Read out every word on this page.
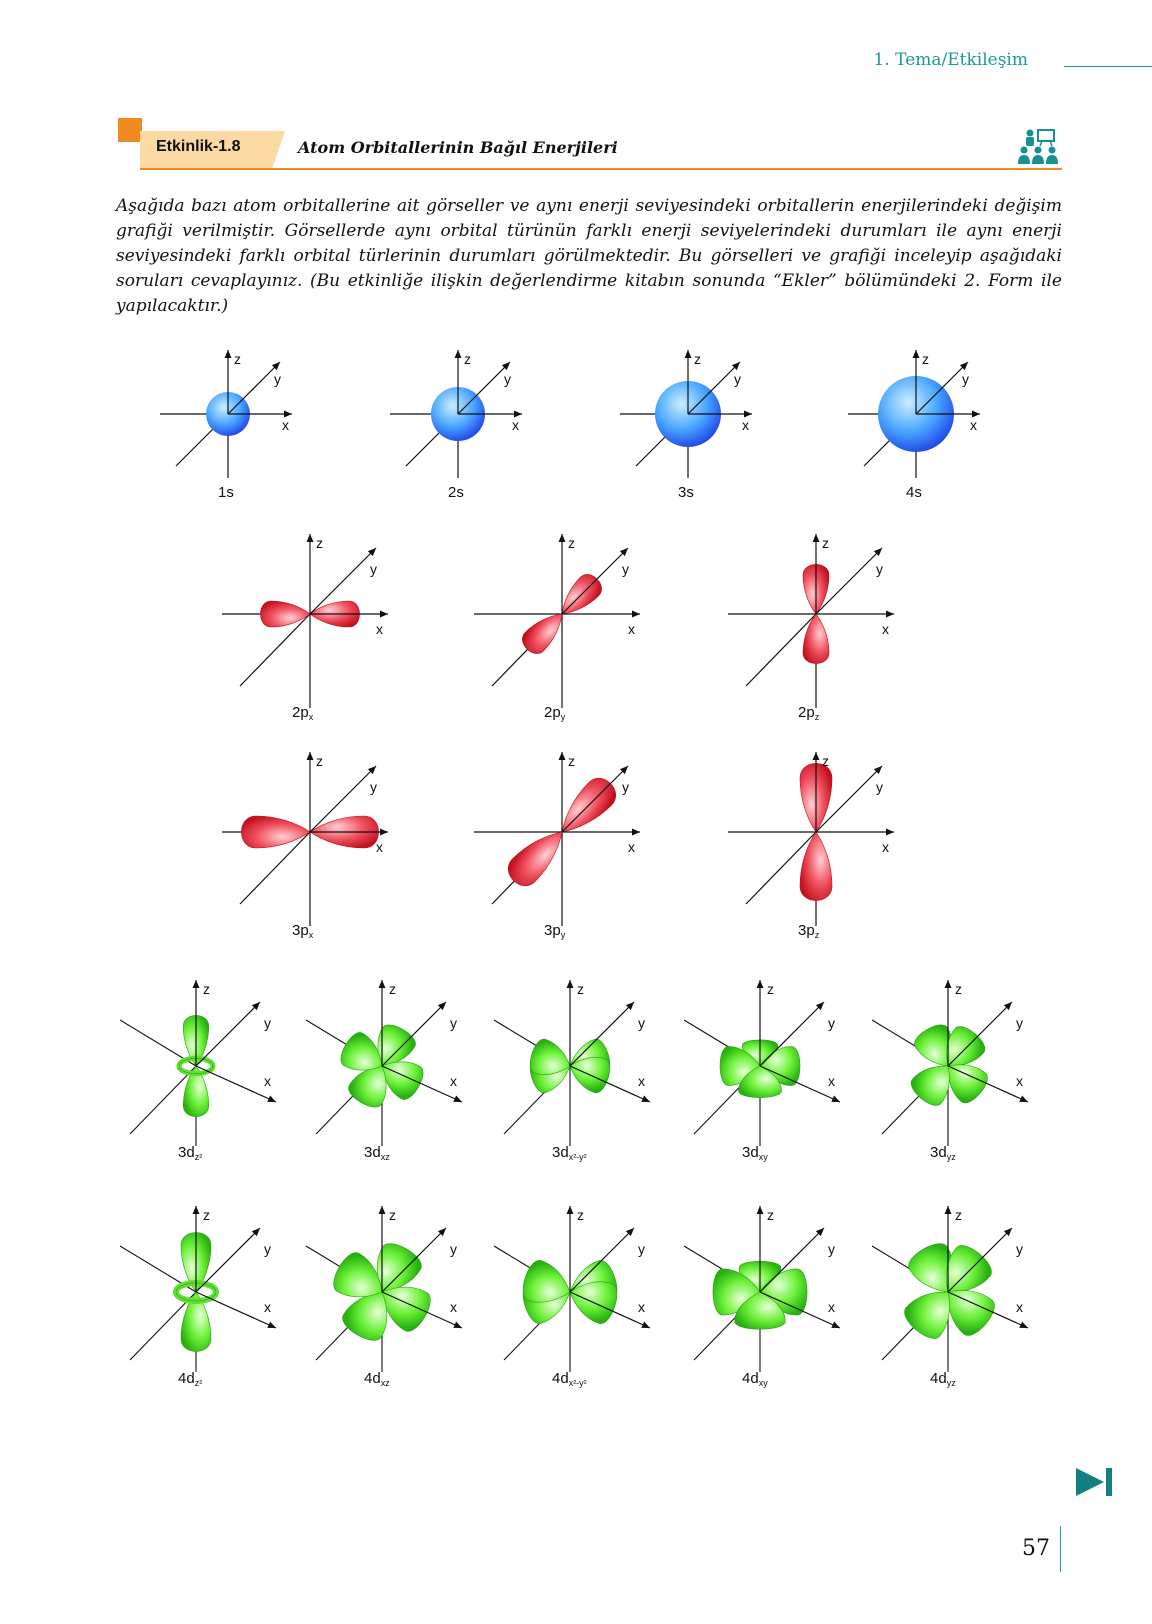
1. Tema/Etkileşim
Etkinlik-1.8	Atom Orbitallerinin Bağıl Enerjileri
Aşağıda bazı atom orbitallerine ait görseller ve aynı enerji seviyesindeki orbitallerin enerjilerindeki değişim grafiği verilmiştir. Görsellerde aynı orbital türünün farklı enerji seviyelerindeki durumları ile aynı enerji seviyesindeki farklı orbital türlerinin durumları görülmektedir. Bu görselleri ve grafiği inceleyip aşağıdaki soruları cevaplayınız. (Bu etkinliğe ilişkin değerlendirme kitabın sonunda “Ekler” bölümündeki 2. Form ile yapılacaktır.)
x
y
z
1s
x
y
z
2s
x
y
z
3s
x
y
z
4s
x
y
z
$2p_x$
x
y
z
$2p_y$
x
y
z
$2p_z$
x
y
z
$3p_x$
x
y
z
$3p_y$
x
y
z
$3p_z$
x
y
z
$3d_{z^2}$
x
y
z
$3d_{xz}$
x
y
z
$3d_{x^2-y^2}$
x
y
z
$3d_{xy}$
x
y
z
$3d_{yz}$
x
y
z
$4d_{z^2}$
x
y
z
$4d_{xz}$
x
y
z
$4d_{x^2-y^2}$
x
y
z
$4d_{xy}$
x
y
z
$4d_{yz}$
57
